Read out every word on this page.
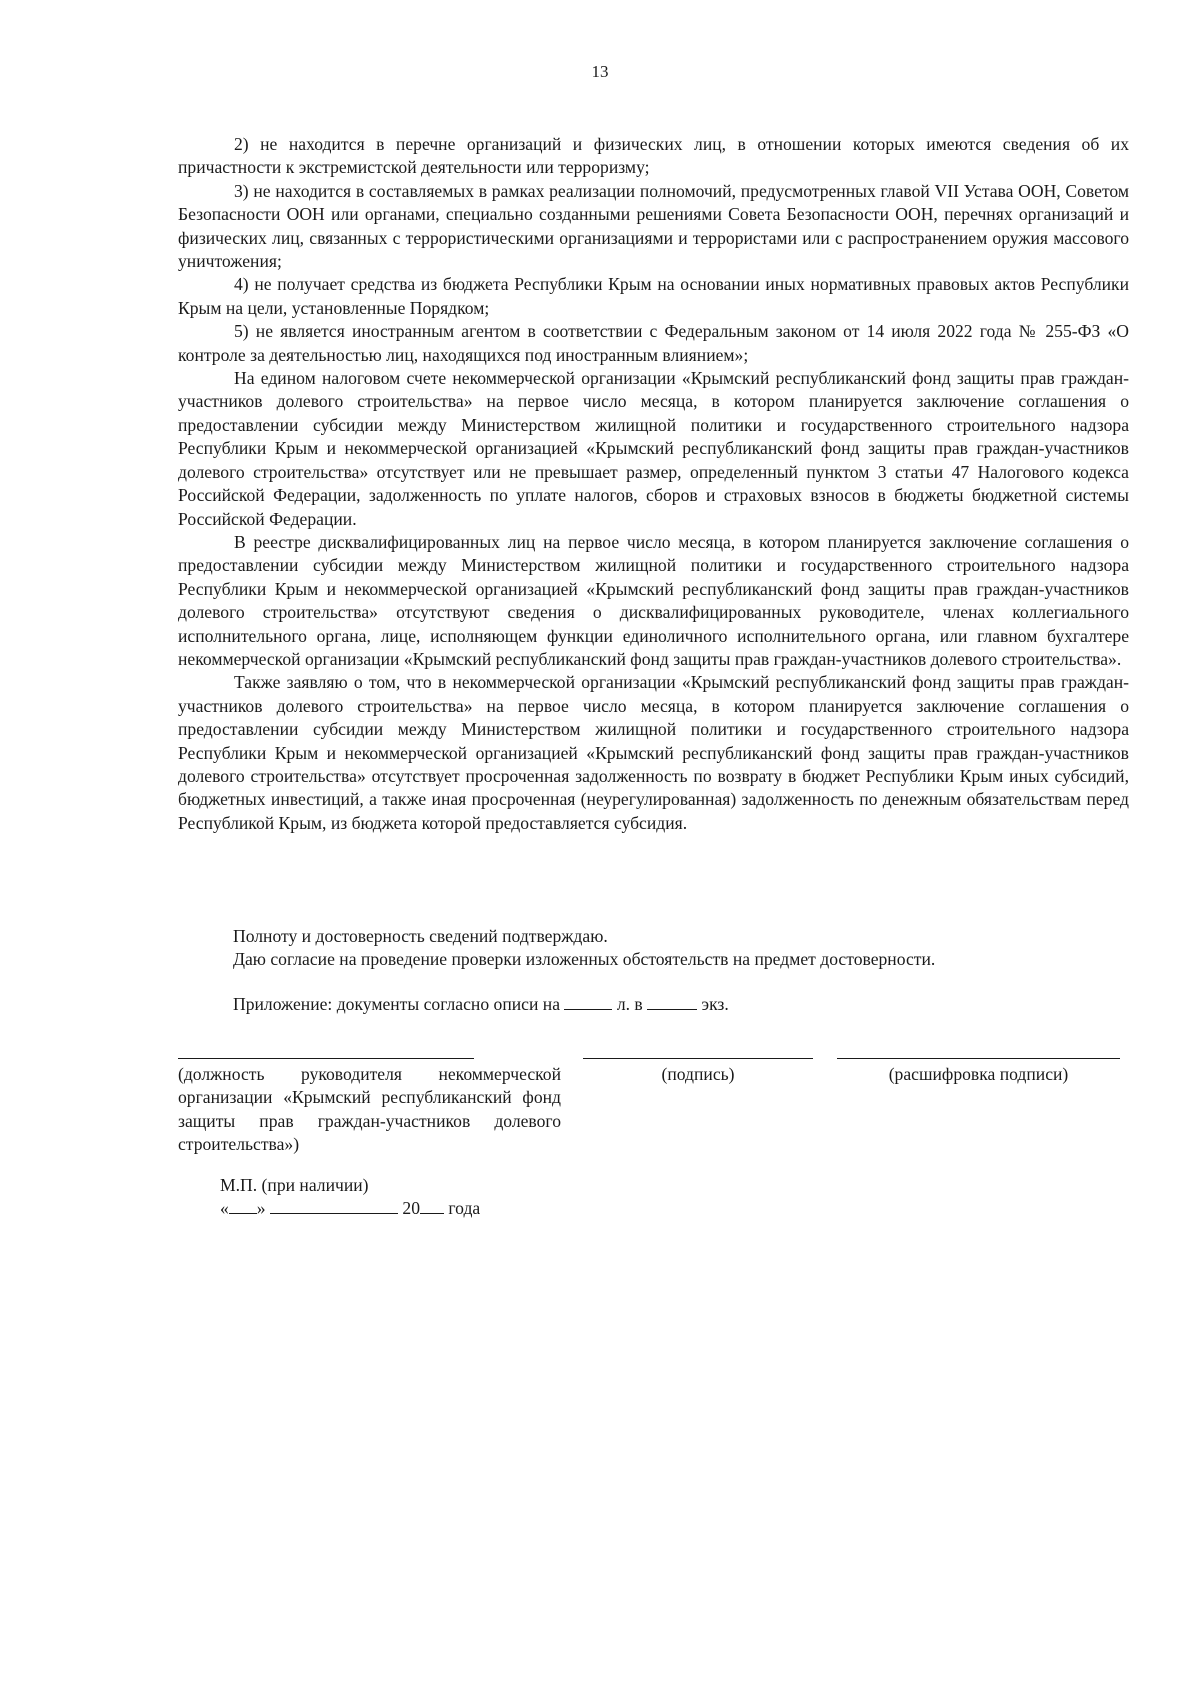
13

2) не находится в перечне организаций и физических лиц, в отношении которых имеются сведения об их причастности к экстремистской деятельности или терроризму;

3) не находится в составляемых в рамках реализации полномочий, предусмотренных главой VII Устава ООН, Советом Безопасности ООН или органами, специально созданными решениями Совета Безопасности ООН, перечнях организаций и физических лиц, связанных с террористическими организациями и террористами или с распространением оружия массового уничтожения;

4) не получает средства из бюджета Республики Крым на основании иных нормативных правовых актов Республики Крым на цели, установленные Порядком;

5) не является иностранным агентом в соответствии с Федеральным законом от 14 июля 2022 года № 255-ФЗ «О контроле за деятельностью лиц, находящихся под иностранным влиянием»;

На едином налоговом счете некоммерческой организации «Крымский республиканский фонд защиты прав граждан-участников долевого строительства» на первое число месяца, в котором планируется заключение соглашения о предоставлении субсидии между Министерством жилищной политики и государственного строительного надзора Республики Крым и некоммерческой организацией «Крымский республиканский фонд защиты прав граждан-участников долевого строительства» отсутствует или не превышает размер, определенный пунктом 3 статьи 47 Налогового кодекса Российской Федерации, задолженность по уплате налогов, сборов и страховых взносов в бюджеты бюджетной системы Российской Федерации.

В реестре дисквалифицированных лиц на первое число месяца, в котором планируется заключение соглашения о предоставлении субсидии между Министерством жилищной политики и государственного строительного надзора Республики Крым и некоммерческой организацией «Крымский республиканский фонд защиты прав граждан-участников долевого строительства» отсутствуют сведения о дисквалифицированных руководителе, членах коллегиального исполнительного органа, лице, исполняющем функции единоличного исполнительного органа, или главном бухгалтере некоммерческой организации «Крымский республиканский фонд защиты прав граждан-участников долевого строительства».

Также заявляю о том, что в некоммерческой организации «Крымский республиканский фонд защиты прав граждан-участников долевого строительства» на первое число месяца, в котором планируется заключение соглашения о предоставлении субсидии между Министерством жилищной политики и государственного строительного надзора Республики Крым и некоммерческой организацией «Крымский республиканский фонд защиты прав граждан-участников долевого строительства» отсутствует просроченная задолженность по возврату в бюджет Республики Крым иных субсидий, бюджетных инвестиций, а также иная просроченная (неурегулированная) задолженность по денежным обязательствам перед Республикой Крым, из бюджета которой предоставляется субсидия.

Полноту и достоверность сведений подтверждаю.
Даю согласие на проведение проверки изложенных обстоятельств на предмет достоверности.
Приложение: документы согласно описи на	л. в	экз.
(должность руководителя некоммерческой организации «Крымский республиканский фонд защиты прав граждан-участников долевого строительства»)
(подпись)	(расшифровка подписи)
М.П. (при наличии)
« »	20 года
